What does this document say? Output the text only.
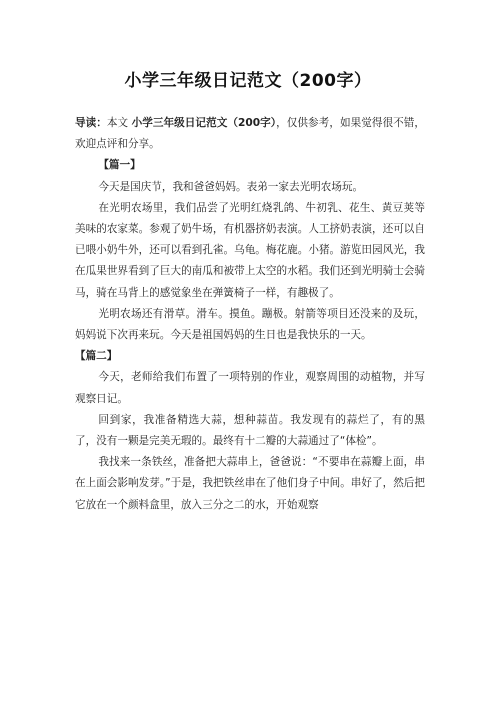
小学三年级日记范文（200字）

导读：本文 小学三年级日记范文（200字），仅供参考，如果觉得很不错，欢迎点评和分享。

【篇一】

今天是国庆节，我和爸爸妈妈。表弟一家去光明农场玩。

在光明农场里，我们品尝了光明红烧乳鸽、牛初乳、花生、黄豆荚等美味的农家菜。参观了奶牛场，有机器挤奶表演。人工挤奶表演，还可以自已喂小奶牛外，还可以看到孔雀。乌龟。梅花鹿。小猪。游览田园风光，我在瓜果世界看到了巨大的南瓜和被带上太空的水稻。我们还到光明骑士会骑马，骑在马背上的感觉象坐在弹簧椅子一样，有趣极了。

光明农场还有滑草。滑车。摸鱼。蹦极。射箭等项目还没来的及玩，妈妈说下次再来玩。今天是祖国妈妈的生日也是我快乐的一天。

【篇二】

今天，老师给我们布置了一项特别的作业，观察周围的动植物，并写观察日记。

回到家，我准备精选大蒜，想种蒜苗。我发现有的蒜烂了，有的黑了，没有一颗是完美无瑕的。最终有十二瓣的大蒜通过了“体检”。

我找来一条铁丝，准备把大蒜串上，爸爸说：“不要串在蒜瓣上面，串在上面会影响发芽。”于是，我把铁丝串在了他们身子中间。串好了，然后把它放在一个颜料盒里，放入三分之二的水，开始观察
